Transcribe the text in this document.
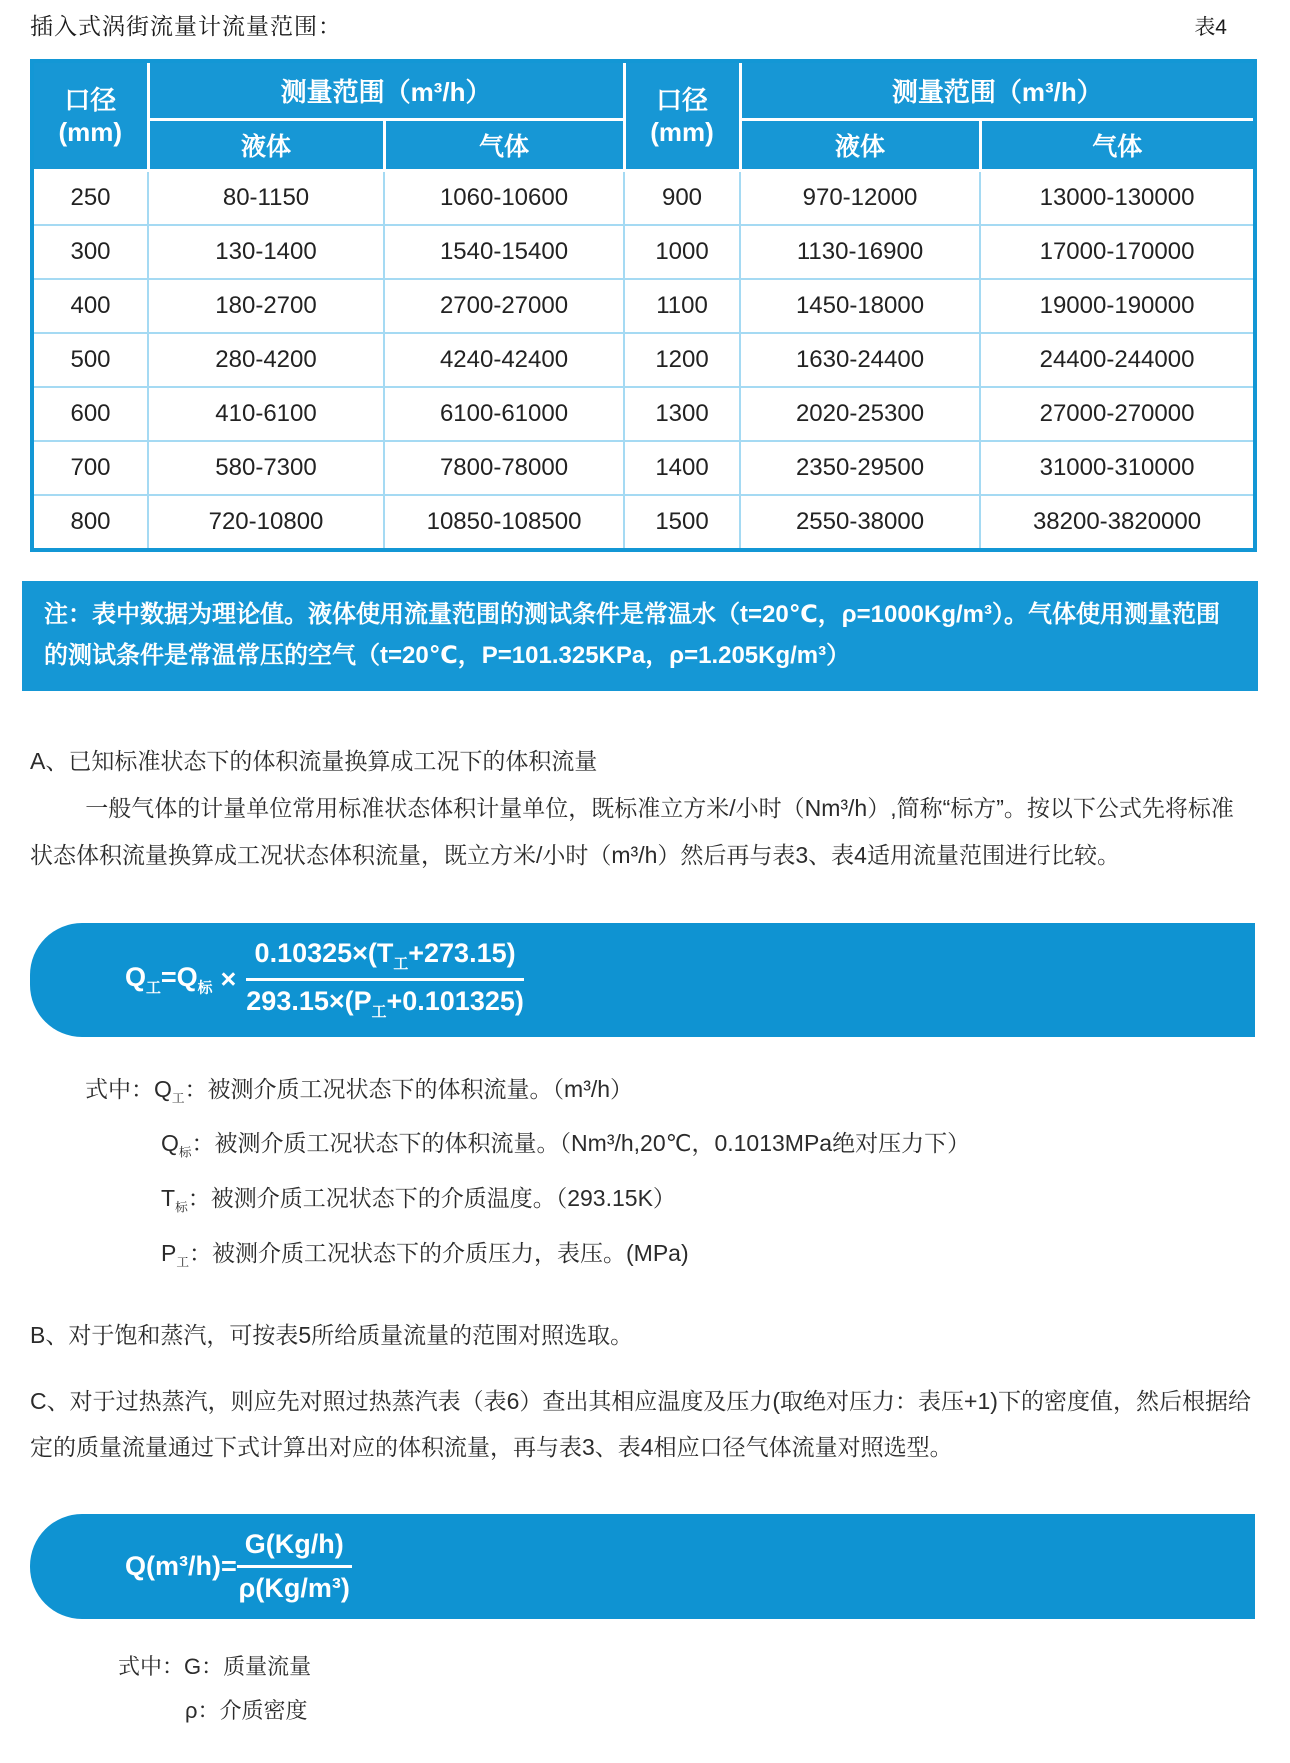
插入式涡街流量计流量范围：	表4
口径
(mm)	测量范围（m³/h）		口径
(mm)	测量范围（m³/h）	
	液体	气体		液体	气体
250	80-1150	1060-10600	900	970-12000	13000-130000
300	130-1400	1540-15400	1000	1130-16900	17000-170000
400	180-2700	2700-27000	1100	1450-18000	19000-190000
500	280-4200	4240-42400	1200	1630-24400	24400-244000
600	410-6100	6100-61000	1300	2020-25300	27000-270000
700	580-7300	7800-78000	1400	2350-29500	31000-310000
800	720-10800	10850-108500	1500	2550-38000	38200-3820000
注：表中数据为理论值。液体使用流量范围的测试条件是常温水（t=20℃，ρ=1000Kg/m³）。气体使用测量范围的测试条件是常温常压的空气（t=20℃，P=101.325KPa，ρ=1.205Kg/m³）
A、已知标准状态下的体积流量换算成工况下的体积流量
一般气体的计量单位常用标准状态体积计量单位，既标准立方米/小时（Nm³/h）,简称“标方”。按以下公式先将标准状态体积流量换算成工况状态体积流量，既立方米/小时（m³/h）然后再与表3、表4适用流量范围进行比较。
$Q_工=Q_标 \times \frac{0.10325\times(T_工+273.15)}{293.15\times(P_工+0.101325)}$
式中：$Q_工$：被测介质工况状态下的体积流量。（m³/h）
$Q_标$：被测介质工况状态下的体积流量。（Nm³/h,20℃，0.1013MPa绝对压力下）
$T_标$：被测介质工况状态下的介质温度。（293.15K）
$P_工$：被测介质工况状态下的介质压力，表压。(MPa)
B、对于饱和蒸汽，可按表5所给质量流量的范围对照选取。
C、对于过热蒸汽，则应先对照过热蒸汽表（表6）查出其相应温度及压力(取绝对压力：表压+1)下的密度值，然后根据给定的质量流量通过下式计算出对应的体积流量，再与表3、表4相应口径气体流量对照选型。
$Q(m^3/h)= \frac{G(Kg/h)}{\text{ρ(Kg/m³)}}$
式中：G：质量流量
ρ：介质密度
